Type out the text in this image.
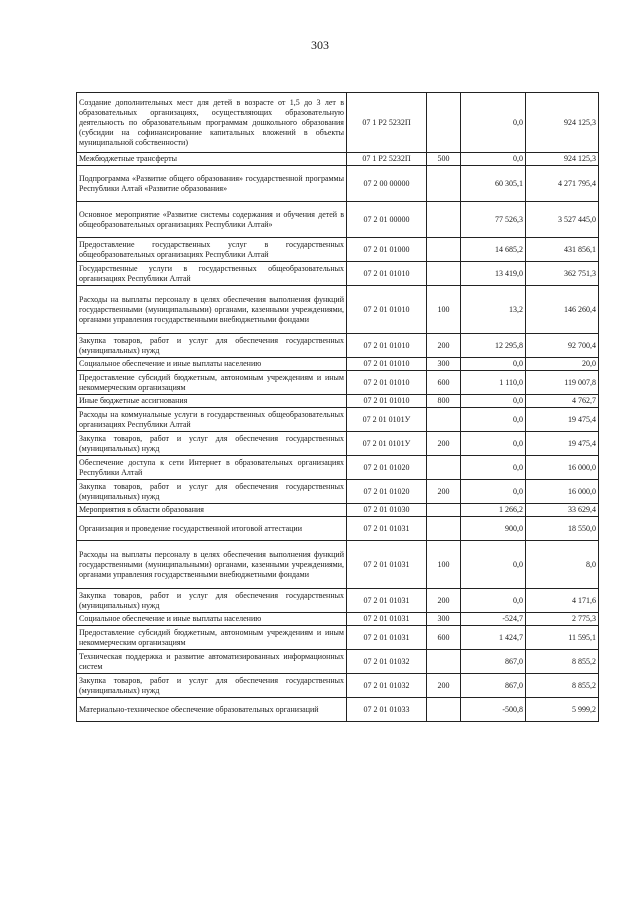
303
Создание дополнительных мест для детей в возрасте от 1,5 до 3 лет в образовательных организациях, осуществляющих образовательную деятельность по образовательным программам дошкольного образования (субсидии на софинансирование капитальных вложений в объекты муниципальной собственности)	07 1 P2 5232П		0,0	924 125,3
Межбюджетные трансферты	07 1 P2 5232П	500	0,0	924 125,3
Подпрограмма «Развитие общего образования» государственной программы Республики Алтай «Развитие образования»	07 2 00 00000		60 305,1	4 271 795,4
Основное мероприятие «Развитие системы содержания и обучения детей в общеобразовательных организациях Республики Алтай»	07 2 01 00000		77 526,3	3 527 445,0
Предоставление государственных услуг в государственных общеобразовательных организациях Республики Алтай	07 2 01 01000		14 685,2	431 856,1
Государственные услуги в государственных общеобразовательных организациях Республики Алтай	07 2 01 01010		13 419,0	362 751,3
Расходы на выплаты персоналу в целях обеспечения выполнения функций государственными (муниципальными) органами, казенными учреждениями, органами управления государственными внебюджетными фондами	07 2 01 01010	100	13,2	146 260,4
Закупка товаров, работ и услуг для обеспечения государственных (муниципальных) нужд	07 2 01 01010	200	12 295,8	92 700,4
Социальное обеспечение и иные выплаты населению	07 2 01 01010	300	0,0	20,0
Предоставление субсидий бюджетным, автономным учреждениям и иным некоммерческим организациям	07 2 01 01010	600	1 110,0	119 007,8
Иные бюджетные ассигнования	07 2 01 01010	800	0,0	4 762,7
Расходы на коммунальные услуги в государственных общеобразовательных организациях Республики Алтай	07 2 01 0101У		0,0	19 475,4
Закупка товаров, работ и услуг для обеспечения государственных (муниципальных) нужд	07 2 01 0101У	200	0,0	19 475,4
Обеспечение доступа к сети Интернет в образовательных организациях Республики Алтай	07 2 01 01020		0,0	16 000,0
Закупка товаров, работ и услуг для обеспечения государственных (муниципальных) нужд	07 2 01 01020	200	0,0	16 000,0
Мероприятия в области образования	07 2 01 01030		1 266,2	33 629,4
Организация и проведение государственной итоговой аттестации	07 2 01 01031		900,0	18 550,0
Расходы на выплаты персоналу в целях обеспечения выполнения функций государственными (муниципальными) органами, казенными учреждениями, органами управления государственными внебюджетными фондами	07 2 01 01031	100	0,0	8,0
Закупка товаров, работ и услуг для обеспечения государственных (муниципальных) нужд	07 2 01 01031	200	0,0	4 171,6
Социальное обеспечение и иные выплаты населению	07 2 01 01031	300	-524,7	2 775,3
Предоставление субсидий бюджетным, автономным учреждениям и иным некоммерческим организациям	07 2 01 01031	600	1 424,7	11 595,1
Техническая поддержка и развитие автоматизированных информационных систем	07 2 01 01032		867,0	8 855,2
Закупка товаров, работ и услуг для обеспечения государственных (муниципальных) нужд	07 2 01 01032	200	867,0	8 855,2
Материально-техническое обеспечение образовательных организаций	07 2 01 01033		-500,8	5 999,2
